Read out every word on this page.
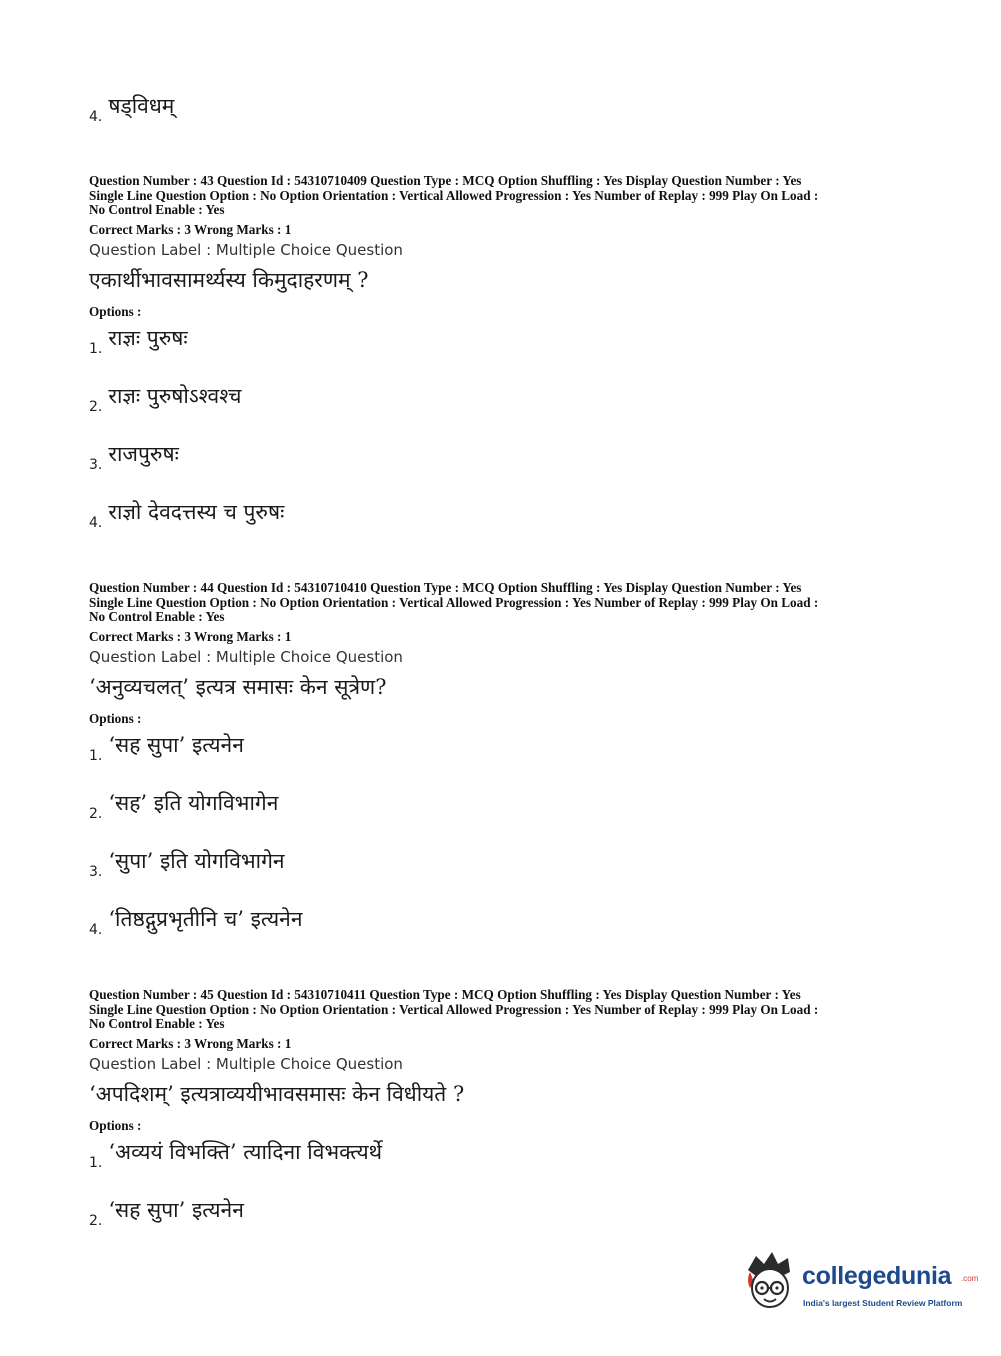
4. षड्विधम्
Question Number : 43 Question Id : 54310710409 Question Type : MCQ Option Shuffling : Yes Display Question Number : Yes
Single Line Question Option : No Option Orientation : Vertical Allowed Progression : Yes Number of Replay : 999 Play On Load :
No Control Enable : Yes
Correct Marks : 3 Wrong Marks : 1
Question Label : Multiple Choice Question
एकार्थीभावसामर्थ्यस्य किमुदाहरणम् ?
Options :
1. राज्ञः पुरुषः
2. राज्ञः पुरुषोऽश्वश्च
3. राजपुरुषः
4. राज्ञो देवदत्तस्य च पुरुषः
Question Number : 44 Question Id : 54310710410 Question Type : MCQ Option Shuffling : Yes Display Question Number : Yes
Single Line Question Option : No Option Orientation : Vertical Allowed Progression : Yes Number of Replay : 999 Play On Load :
No Control Enable : Yes
Correct Marks : 3 Wrong Marks : 1
Question Label : Multiple Choice Question
‘अनुव्यचलत्’ इत्यत्र समासः केन सूत्रेण?
Options :
1. ‘सह सुपा’ इत्यनेन
2. ‘सह’ इति योगविभागेन
3. ‘सुपा’ इति योगविभागेन
4. ‘तिष्ठद्गुप्रभृतीनि च’ इत्यनेन
Question Number : 45 Question Id : 54310710411 Question Type : MCQ Option Shuffling : Yes Display Question Number : Yes
Single Line Question Option : No Option Orientation : Vertical Allowed Progression : Yes Number of Replay : 999 Play On Load :
No Control Enable : Yes
Correct Marks : 3 Wrong Marks : 1
Question Label : Multiple Choice Question
‘अपदिशम्’ इत्यत्राव्ययीभावसमासः केन विधीयते ?
Options :
1. ‘अव्ययं विभक्ति’ त्यादिना विभक्त्यर्थे
2. ‘सह सुपा’ इत्यनेन
collegedunia .com
India's largest Student Review Platform
